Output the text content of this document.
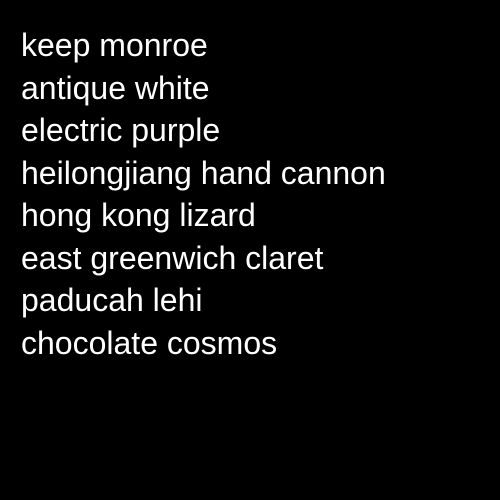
keep monroe
antique white
electric purple
heilongjiang hand cannon
hong kong lizard
east greenwich claret
paducah lehi
chocolate cosmos
